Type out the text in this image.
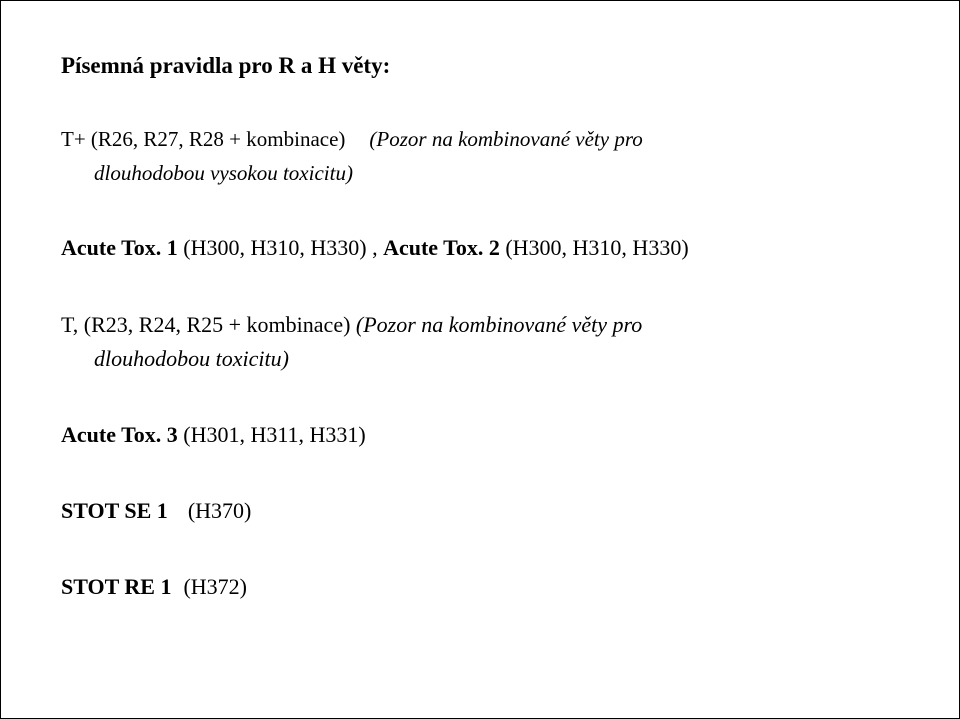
Písemná pravidla pro R a H věty:
T+ (R26, R27, R28 + kombinace) (Pozor na kombinované věty pro
dlouhodobou vysokou toxicitu)
Acute Tox. 1 (H300, H310, H330) , Acute Tox. 2 (H300, H310, H330)
T, (R23, R24, R25 + kombinace) (Pozor na kombinované věty pro
dlouhodobou toxicitu)
Acute Tox. 3 (H301, H311, H331)
STOT SE 1 (H370)
STOT RE 1 (H372)
